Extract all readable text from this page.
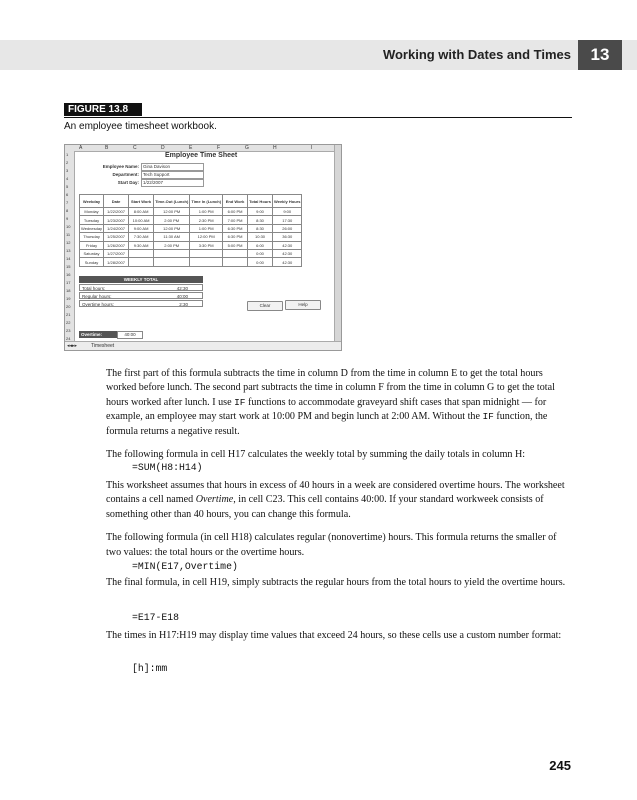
Working with Dates and Times	13
FIGURE 13.8
An employee timesheet workbook.
A	B	C	D	E	F	G	H	I
1
2
3
4
5
6
7
8
9
10
11
12
13
14
15
16
17
18
19
20
21
22
23
24
Employee Time Sheet
Employee Name: Gina Davison
Department: Tech Support
Start Day: 1/22/2007
Weekday	Date	Start Work	Time-Out (Lunch)	Time In (Lunch)	End Work	Total Hours	Weekly Hours
Monday	1/22/2007	8:00 AM	12:00 PM	1:00 PM	6:00 PM	9:00	9:00
Tuesday	1/23/2007	10:00 AM	2:00 PM	2:30 PM	7:00 PM	8:30	17:30
Wednesday	1/24/2007	9:00 AM	12:00 PM	1:00 PM	6:30 PM	8:30	26:00
Thursday	1/25/2007	7:30 AM	11:30 AM	12:00 PM	6:30 PM	10:30	36:30
Friday	1/26/2007	9:30 AM	2:00 PM	3:30 PM	5:00 PM	6:00	42:30
Saturday	1/27/2007					0:00	42:30
Sunday	1/28/2007					0:00	42:30
WEEKLY TOTAL
Total hours:	42:30
Regular hours:	40:00
Overtime hours:	2:30	Clear	Help
Overtime:	40:00
◂◂▸▸	Timesheet

The first part of this formula subtracts the time in column D from the time in column E to get the total hours worked before lunch. The second part subtracts the time in column F from the time in column G to get the total hours worked after lunch. I use IF functions to accommodate graveyard shift cases that span midnight — for example, an employee may start work at 10:00 PM and begin lunch at 2:00 AM. Without the IF function, the formula returns a negative result.

The following formula in cell H17 calculates the weekly total by summing the daily totals in column H:

=SUM(H8:H14)

This worksheet assumes that hours in excess of 40 hours in a week are considered overtime hours. The worksheet contains a cell named Overtime, in cell C23. This cell contains 40:00. If your standard workweek consists of something other than 40 hours, you can change this formula.

The following formula (in cell H18) calculates regular (nonovertime) hours. This formula returns the smaller of two values: the total hours or the overtime hours.

=MIN(E17,Overtime)

The final formula, in cell H19, simply subtracts the regular hours from the total hours to yield the overtime hours.

=E17-E18

The times in H17:H19 may display time values that exceed 24 hours, so these cells use a custom number format:

[h]:mm
245
